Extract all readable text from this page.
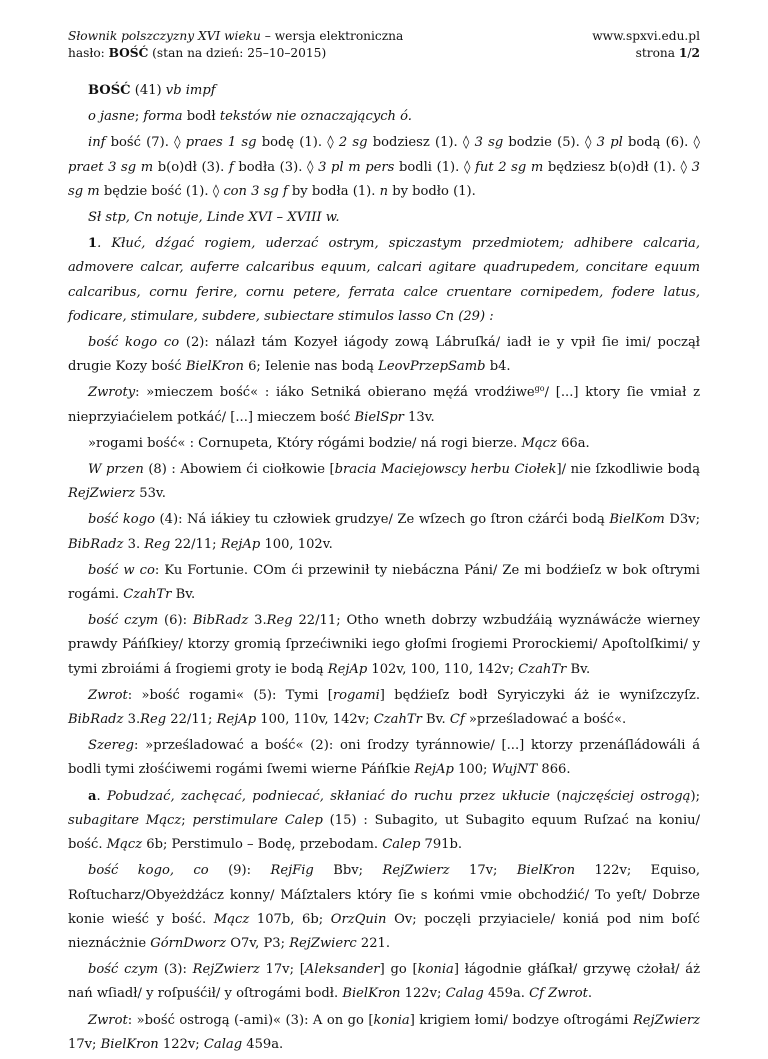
Słownik polszczyzny XVI wieku – wersja elektroniczna
hasło: BOŚĆ (stan na dzień: 25–10–2015)
www.spxvi.edu.pl
strona 1/2

BOŚĆ (41) vb impf

o jasne; forma bodł tekstów nie oznaczających ó.

inf bość (7). ◊ praes 1 sg bodę (1). ◊ 2 sg bodziesz (1). ◊ 3 sg bodzie (5). ◊ 3 pl bodą (6). ◊ praet 3 sg m b(o)dł (3). f bodła (3). ◊ 3 pl m pers bodli (1). ◊ fut 2 sg m będziesz b(o)dł (1). ◊ 3 sg m będzie bość (1). ◊ con 3 sg f by bodła (1). n by bodło (1).

Sł stp, Cn notuje, Linde XVI – XVIII w.

1. Kłuć, dźgać rogiem, uderzać ostrym, spiczastym przedmiotem; adhibere calcaria, admovere calcar, auferre calcaribus equum, calcari agitare quadrupedem, concitare equum calcaribus, cornu ferire, cornu petere, ferrata calce cruentare cornipedem, fodere latus, fodicare, stimulare, subdere, subiectare stimulos lasso Cn (29) :

bość kogo co (2): nálazł tám Kozyeł iágody zową Lábruſká/ iadł ie y vpił ſie imi/ począł drugie Kozy bość BielKron 6; Ielenie nas bodą LeovPrzepSamb b4.

Zwroty: »mieczem bość« : iáko Setniká obierano męźá vrodźiwe$^{go}$/ [...] ktory ſie vmiał z nieprzyiaćielem potkáć/ [...] mieczem bość BielSpr 13v.

»rogami bość« : Cornupeta, Który rógámi bodzie/ ná rogi bierze. Mącz 66a.

W przen (8) : Abowiem ći ciołkowie [bracia Maciejowscy herbu Ciołek]/ nie ſzkodliwie bodą RejZwierz 53v.

bość kogo (4): Ná iákiey tu człowiek grudzye/ Ze wſzech go ſtron cżárći bodą BielKom D3v; BibRadz 3. Reg 22/11; RejAp 100, 102v.

bość w co: Ku Fortunie. COm ći przewinił ty niebáczna Páni/ Ze mi bodźieſz w bok oſtrymi rogámi. CzahTr Bv.

bość czym (6): BibRadz 3.Reg 22/11; Otho wneth dobrzy wzbudźáią wyznáwácże wierney prawdy Páńſkiey/ ktorzy gromią ſprzećiwniki iego głoſmi ſrogiemi Prorockiemi/ Apoſtolſkimi/ y tymi zbroiámi á ſrogiemi groty ie bodą RejAp 102v, 100, 110, 142v; CzahTr Bv.

Zwrot: »bość rogami« (5): Tymi [rogami] będźieſz bodł Syryiczyki áż ie wyniſzczyſz. BibRadz 3.Reg 22/11; RejAp 100, 110v, 142v; CzahTr Bv. Cf »prześladować a bość«.

Szereg: »prześladować a bość« (2): oni ſrodzy tyránnowie/ [...] ktorzy przenáſládowáli á bodli tymi złośćiwemi rogámi ſwemi wierne Páńſkie RejAp 100; WujNT 866.

a. Pobudzać, zachęcać, podniecać, skłaniać do ruchu przez ukłucie (najczęściej ostrogą); subagitare Mącz; perstimulare Calep (15) : Subagito, ut Subagito equum Ruſzać na koniu/ bość. Mącz 6b; Perstimulo – Bodę, przebodam. Calep 791b.

bość kogo, co (9): RejFig Bbv; RejZwierz 17v; BielKron 122v; Equiso, Roſtucharz/Obyeżdżácz konny/ Máſztalers który ſie s końmi vmie obchodźić/ To yeſt/ Dobrze konie wieść y bość. Mącz 107b, 6b; OrzQuin Ov; poczęli przyiaciele/ koniá pod nim boſć nieznácżnie GórnDworz O7v, P3; RejZwierc 221.

bość czym (3): RejZwierz 17v; [Aleksander] go [konia] łágodnie głáſkał/ grzywę cżołał/ áż nań wſiadł/ y roſpuśćił/ y oſtrogámi bodł. BielKron 122v; Calag 459a. Cf Zwrot.

Zwrot: »bość ostrogą (-ami)« (3): A on go [konia] krigiem łomi/ bodzye oſtrogámi RejZwierz 17v; BielKron 122v; Calag 459a.
